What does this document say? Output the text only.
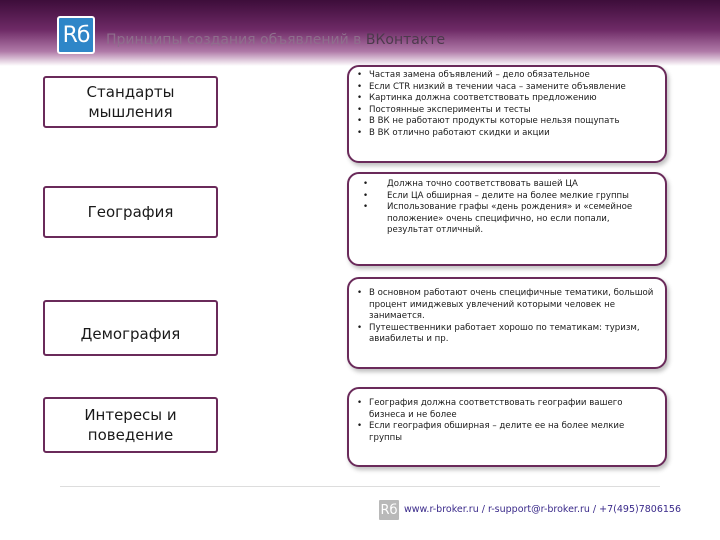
Rб	Принципы создания объявлений в ВКонтакте
Стандарты
мышления
География
Демография
Интересы и
поведение
• Частая замена объявлений – дело обязательное
• Если CTR низкий в течении часа – замените объявление
• Картинка должна соответствовать предложению
• Постоянные эксперименты и тесты
• В ВК не работают продукты которые нельзя пощупать
• В ВК отлично работают скидки и акции
• Должна точно соответствовать вашей ЦА
• Если ЦА обширная – делите на более мелкие группы
• Использование графы «день рождения» и «семейное положение» очень специфично, но если попали, результат отличный.
• В основном работают очень специфичные тематики, большой процент имиджевых увлечений которыми человек не занимается.
• Путешественники работает хорошо по тематикам: туризм, авиабилеты и пр.
• География должна соответствовать географии вашего бизнеса и не более
• Если география обширная – делите ее на более мелкие группы
Rб www.r-broker.ru / r-support@r-broker.ru / +7(495)7806156
